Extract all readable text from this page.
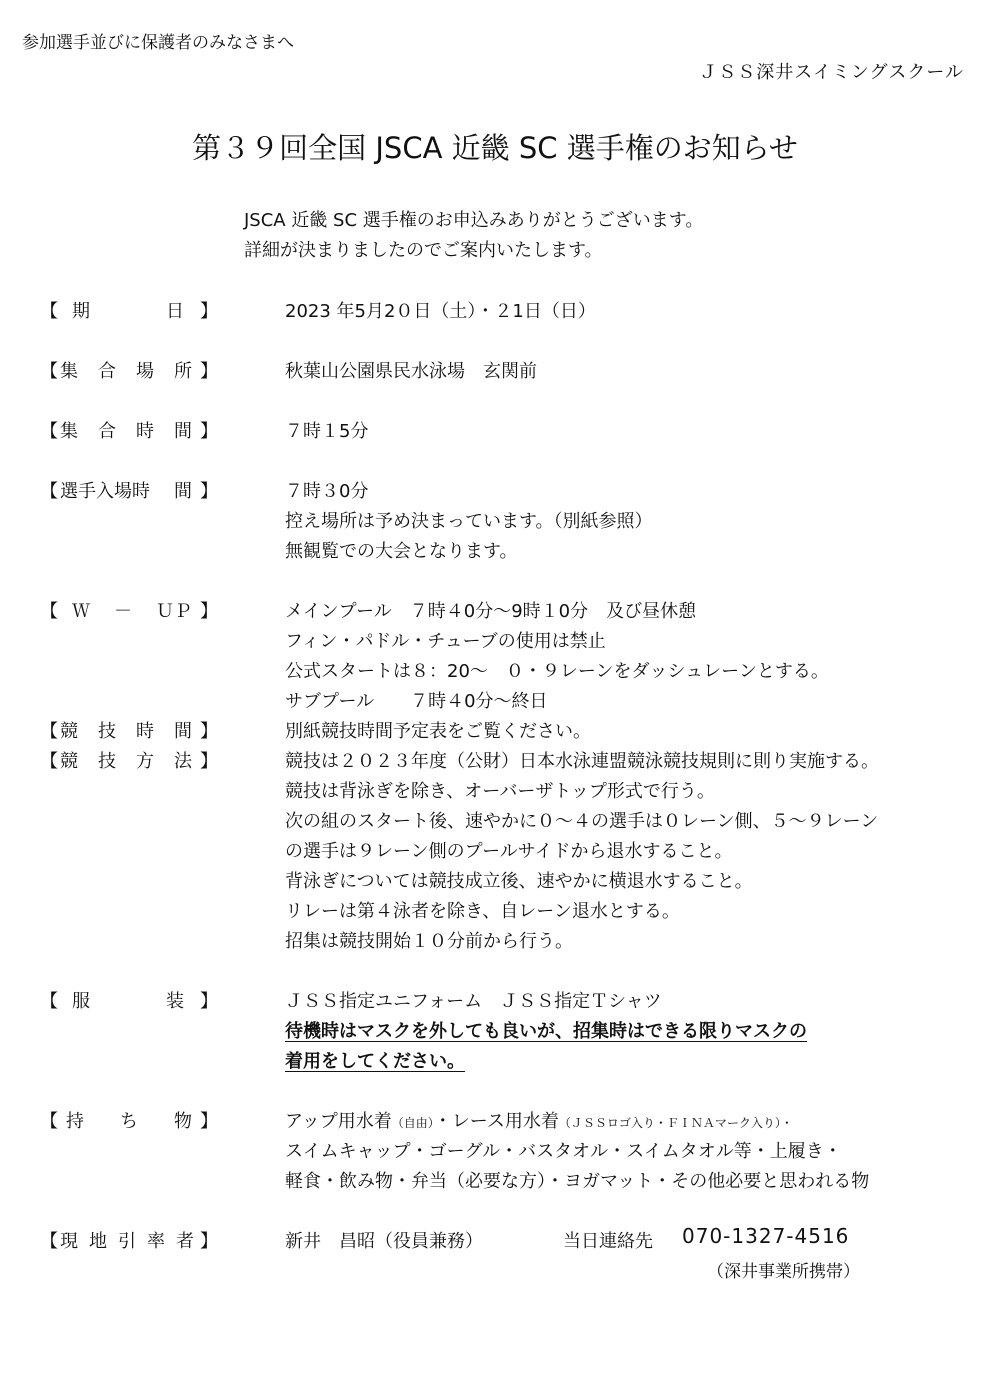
参加選手並びに保護者のみなさまへ
ＪＳＳ深井スイミングスクール
第３９回全国 JSCA 近畿 SC 選手権のお知らせ
JSCA 近畿 SC 選手権のお申込みありがとうございます。
詳細が決まりましたのでご案内いたします。
【 期	日 】	2023 年5月2０日（土）・２1日（日）
【 集 合 場 所 】	秋葉山公園県民水泳場　玄関前
【 集 合 時 間 】	７時１5分
【 選手入場時 間 】	７時３0分
控え場所は予め決まっています。（別紙参照）
無観覧での大会となります。
【 Ｗ － ＵＰ 】	メインプール　７時４0分～9時１0分　及び昼休憩
フィン・パドル・チューブの使用は禁止
公式スタートは８：20～　０・９レーンをダッシュレーンとする。
サブプール　　７時４0分～終日
【 競 技 時 間 】	別紙競技時間予定表をご覧ください。
【 競 技 方 法 】	競技は２０２３年度（公財）日本水泳連盟競泳競技規則に則り実施する。
競技は背泳ぎを除き、オーバーザトップ形式で行う。
次の組のスタート後、速やかに０～４の選手は０レーン側、５～９レーン
の選手は９レーン側のプールサイドから退水すること。
背泳ぎについては競技成立後、速やかに横退水すること。
リレーは第４泳者を除き、自レーン退水とする。
招集は競技開始１０分前から行う。
【 服	装 】	ＪＳＳ指定ユニフォーム　ＪＳＳ指定Ｔシャツ
待機時はマスクを外しても良いが、招集時はできる限りマスクの
着用をしてください。
【 持 ち 物 】	アップ用水着（自由）・レース用水着（ＪＳＳロゴ入り・ＦＩＮＡマーク入り）・
スイムキャップ・ゴーグル・バスタオル・スイムタオル等・上履き・
軽食・飲み物・弁当（必要な方）・ヨガマット・その他必要と思われる物
【 現 地 引 率 者 】	新井　昌昭（役員兼務）	当日連絡先 070-1327-4516
（深井事業所携帯）
